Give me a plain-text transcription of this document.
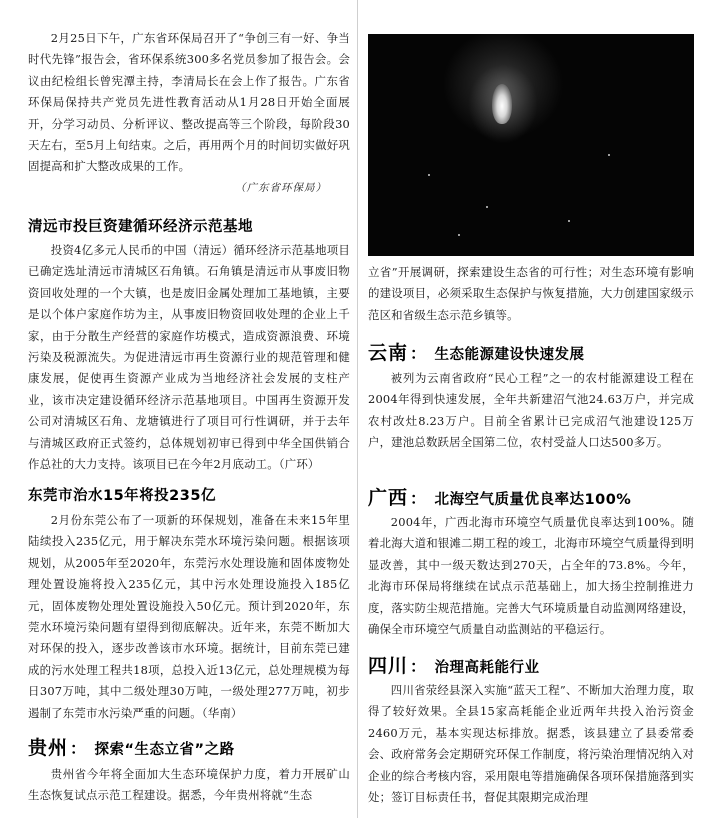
2月25日下午，广东省环保局召开了“争创三有一好、争当时代先锋”报告会，省环保系统300多名党员参加了报告会。会议由纪检组长曾宪潭主持，李清局长在会上作了报告。广东省环保局保持共产党员先进性教育活动从1月28日开始全面展开，分学习动员、分析评议、整改提高等三个阶段，每阶段30天左右，至5月上旬结束。之后，再用两个月的时间切实做好巩固提高和扩大整改成果的工作。

（广东省环保局）
清远市投巨资建循环经济示范基地

投资4亿多元人民币的中国（清远）循环经济示范基地项目已确定选址清远市清城区石角镇。石角镇是清远市从事废旧物资回收处理的一个大镇，也是废旧金属处理加工基地镇，主要是以个体户家庭作坊为主，从事废旧物资回收处理的企业上千家，由于分散生产经营的家庭作坊模式，造成资源浪费、环境污染及税源流失。为促进清远市再生资源行业的规范管理和健康发展，促使再生资源产业成为当地经济社会发展的支柱产业，该市决定建设循环经济示范基地项目。中国再生资源开发公司对清城区石角、龙塘镇进行了项目可行性调研，并于去年与清城区政府正式签约，总体规划初审已得到中华全国供销合作总社的大力支持。该项目已在今年2月底动工。（广环）

东莞市治水15年将投235亿

2月份东莞公布了一项新的环保规划，准备在未来15年里陆续投入235亿元，用于解决东莞水环境污染问题。根据该项规划，从2005年至2020年，东莞污水处理设施和固体废物处理处置设施将投入235亿元，其中污水处理设施投入185亿元，固体废物处理处置设施投入50亿元。预计到2020年，东莞水环境污染问题有望得到彻底解决。近年来，东莞不断加大对环保的投入，逐步改善该市水环境。据统计，目前东莞已建成的污水处理工程共18项，总投入近13亿元，总处理规模为每日307万吨，其中二级处理30万吨，一级处理277万吨，初步遏制了东莞市水污染严重的问题。（华南）

贵州 ： 探索“生态立省”之路

贵州省今年将全面加大生态环境保护力度，着力开展矿山生态恢复试点示范工程建设。据悉，今年贵州将就“生态

立省”开展调研，探索建设生态省的可行性；对生态环境有影响的建设项目，必须采取生态保护与恢复措施，大力创建国家级示范区和省级生态示范乡镇等。

云南 ： 生态能源建设快速发展

被列为云南省政府“民心工程”之一的农村能源建设工程在2004年得到快速发展，全年共新建沼气池24.63万户，并完成农村改灶8.23万户。目前全省累计已完成沼气池建设125万户，建池总数跃居全国第二位，农村受益人口达500多万。

广西 ： 北海空气质量优良率达100%

2004年，广西北海市环境空气质量优良率达到100%。随着北海大道和银滩二期工程的竣工，北海市环境空气质量得到明显改善，其中一级天数达到270天，占全年的73.8%。今年，北海市环保局将继续在试点示范基础上，加大扬尘控制推进力度，落实防尘规范措施。完善大气环境质量自动监测网络建设，确保全市环境空气质量自动监测站的平稳运行。

四川 ： 治理高耗能行业

四川省荥经县深入实施“蓝天工程”、不断加大治理力度，取得了较好效果。全县15家高耗能企业近两年共投入治污资金2460万元，基本实现达标排放。据悉，该县建立了县委常委会、政府常务会定期研究环保工作制度，将污染治理情况纳入对企业的综合考核内容，采用限电等措施确保各项环保措施落到实处；签订目标责任书，督促其限期完成治理
